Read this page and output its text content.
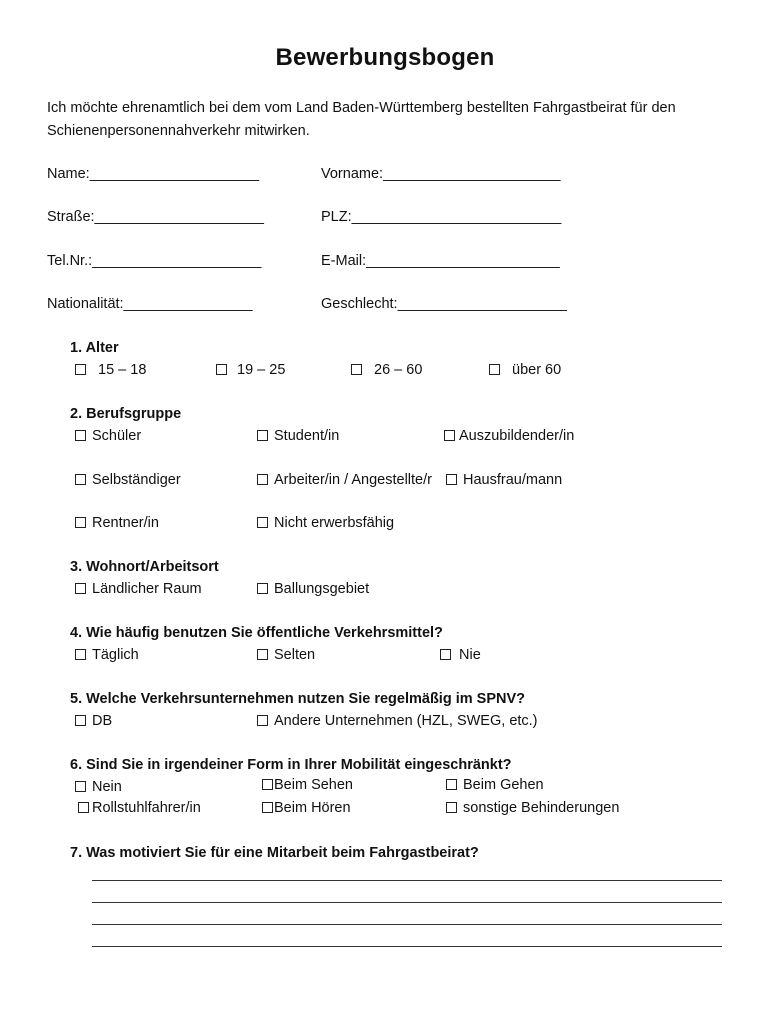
Bewerbungsbogen
Ich möchte ehrenamtlich bei dem vom Land Baden-Württemberg bestellten Fahrgastbeirat für den Schienenpersonennahverkehr mitwirken.
Name:_____________________	Vorname:______________________
Straße:_____________________	PLZ:__________________________
Tel.Nr.:_____________________	E-Mail:________________________
Nationalität:________________	Geschlecht:_____________________
1. Alter
15 – 18	19 – 25	26 – 60	über 60
2. Berufsgruppe
Schüler	Student/in	Auszubildender/in
Selbständiger	Arbeiter/in / Angestellte/r	Hausfrau/mann
Rentner/in	Nicht erwerbsfähig
3. Wohnort/Arbeitsort
Ländlicher Raum	Ballungsgebiet
4. Wie häufig benutzen Sie öffentliche Verkehrsmittel?
Täglich	Selten	Nie
5. Welche Verkehrsunternehmen nutzen Sie regelmäßig im SPNV?
DB	Andere Unternehmen (HZL, SWEG, etc.)
6. Sind Sie in irgendeiner Form in Ihrer Mobilität eingeschränkt?
Nein	Beim Sehen	Beim Gehen
Rollstuhlfahrer/in	Beim Hören	sonstige Behinderungen
7. Was motiviert Sie für eine Mitarbeit beim Fahrgastbeirat?
